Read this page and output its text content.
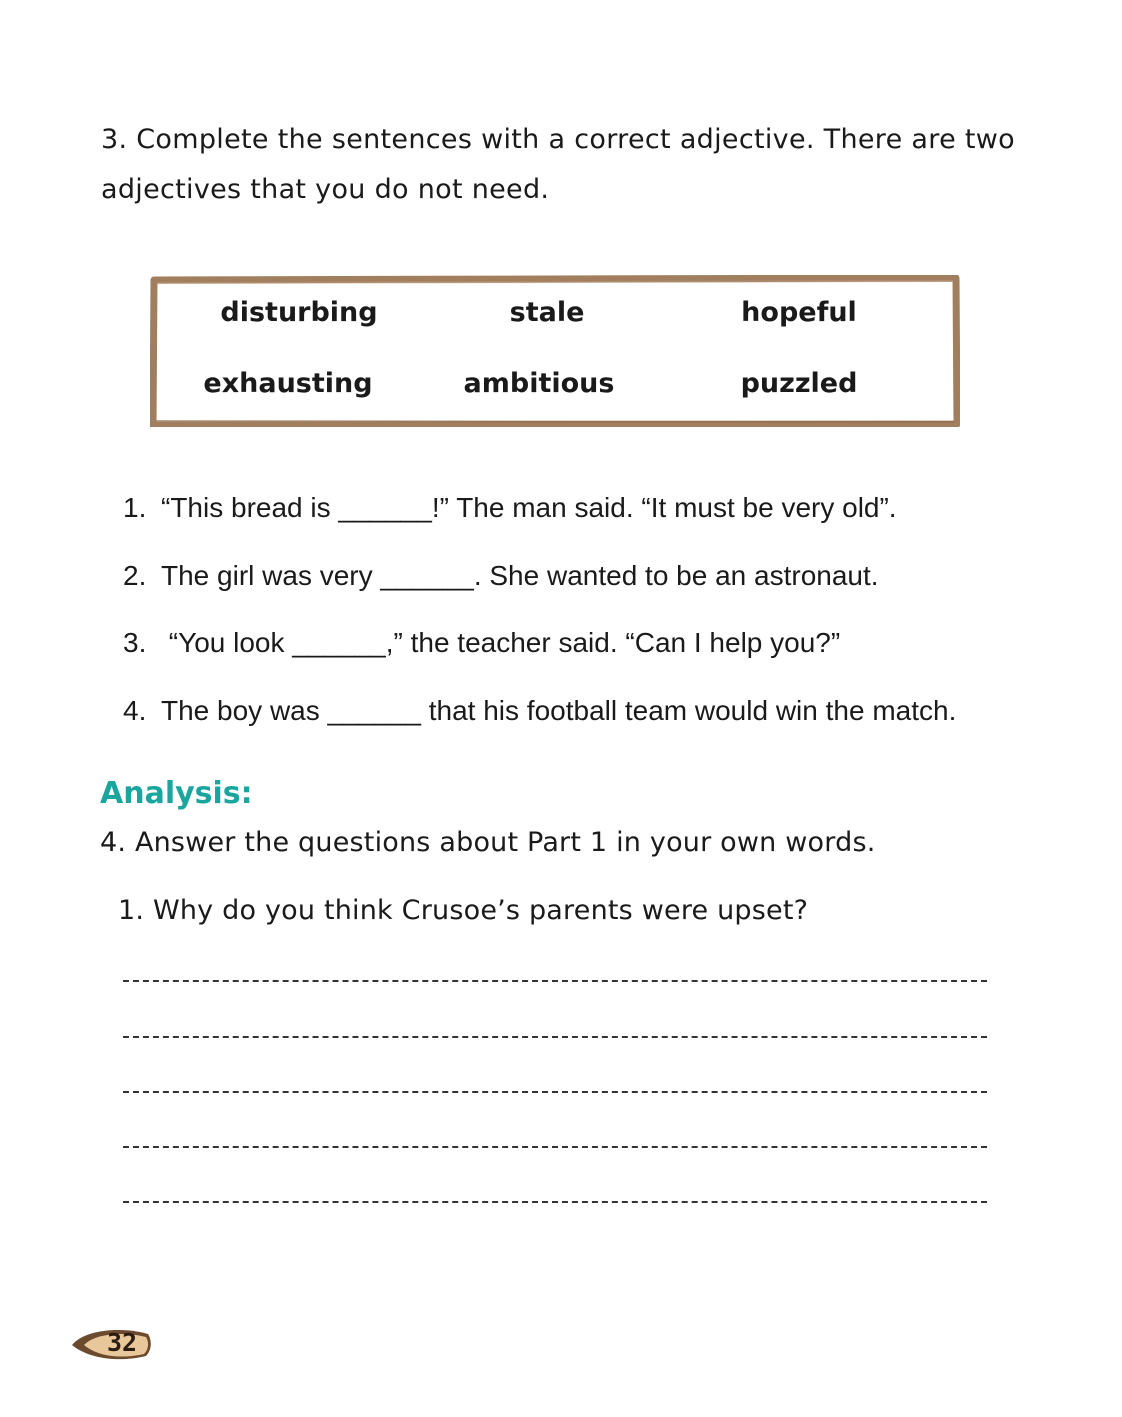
3. Complete the sentences with a correct adjective. There are two adjectives that you do not need.
disturbing	stale	hopeful
exhausting	ambitious	puzzled
1. “This bread is ______!” The man said. “It must be very old”.
2. The girl was very ______. She wanted to be an astronaut.
3. “You look ______,” the teacher said. “Can I help you?”
4. The boy was ______ that his football team would win the match.
Analysis:
4. Answer the questions about Part 1 in your own words.
1. Why do you think Crusoe’s parents were upset?
32
